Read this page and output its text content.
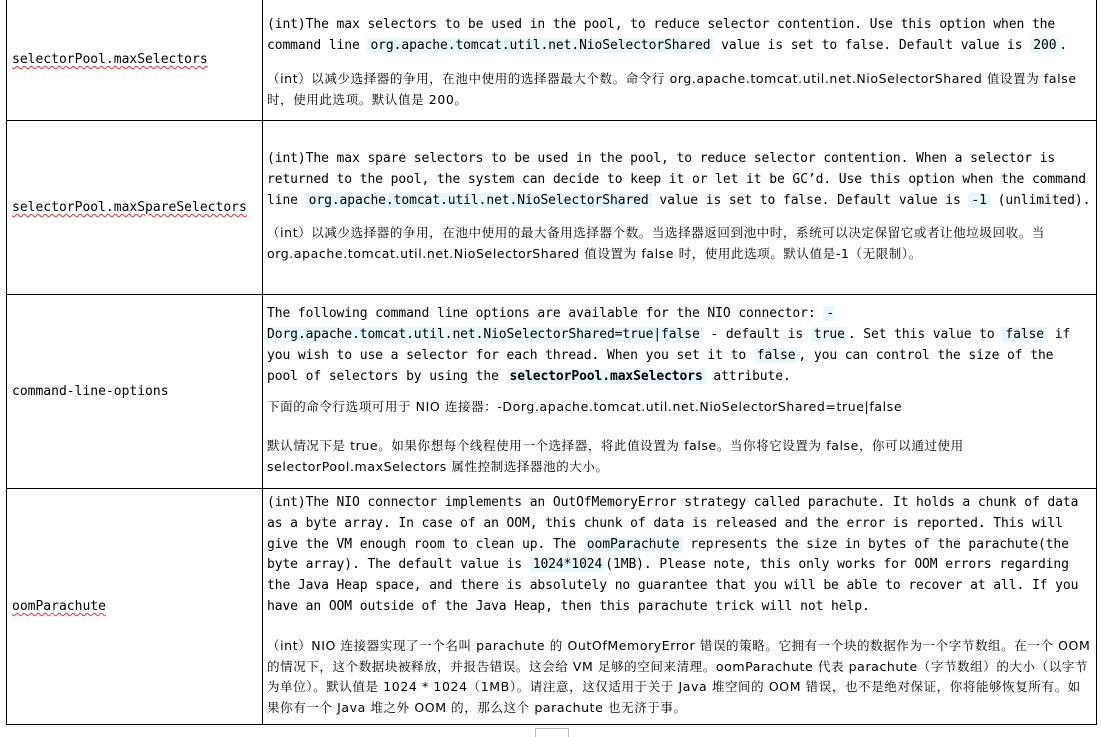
selectorPool.maxSelectors	(int)The max selectors to be used in the pool, to reduce selector contention. Use this option when the command line org.apache.tomcat.util.net.NioSelectorShared value is set to false. Default value is 200 .

（int）以减少选择器的争用，在池中使用的选择器最大个数。命令行 org.apache.tomcat.util.net.NioSelectorShared 值设置为 false 时，使用此选项。默认值是 200。

selectorPool.maxSpareSelectors	(int)The max spare selectors to be used in the pool, to reduce selector contention. When a selector is returned to the pool, the system can decide to keep it or let it be GC’d. Use this option when the command line org.apache.tomcat.util.net.NioSelectorShared value is set to false. Default value is -1 (unlimited).

（int）以减少选择器的争用，在池中使用的最大备用选择器个数。当选择器返回到池中时，系统可以决定保留它或者让他垃圾回收。当 org.apache.tomcat.util.net.NioSelectorShared 值设置为 false 时，使用此选项。默认值是-1（无限制）。

command-line-options	The following command line options are available for the NIO connector: -Dorg.apache.tomcat.util.net.NioSelectorShared=true|false - default is true . Set this value to false if you wish to use a selector for each thread. When you set it to false , you can control the size of the pool of selectors by using the selectorPool.maxSelectors attribute.

下面的命令行选项可用于 NIO 连接器：-Dorg.apache.tomcat.util.net.NioSelectorShared=true|false

默认情况下是 true。如果你想每个线程使用一个选择器，将此值设置为 false。当你将它设置为 false，你可以通过使用 selectorPool.maxSelectors 属性控制选择器池的大小。

oomParachute	(int)The NIO connector implements an OutOfMemoryError strategy called parachute. It holds a chunk of data as a byte array. In case of an OOM, this chunk of data is released and the error is reported. This will give the VM enough room to clean up. The oomParachute represents the size in bytes of the parachute(the byte array). The default value is 1024*1024 (1MB). Please note, this only works for OOM errors regarding the Java Heap space, and there is absolutely no guarantee that you will be able to recover at all. If you have an OOM outside of the Java Heap, then this parachute trick will not help.

（int）NIO 连接器实现了一个名叫 parachute 的 OutOfMemoryError 错误的策略。它拥有一个块的数据作为一个字节数组。在一个 OOM 的情况下，这个数据块被释放，并报告错误。这会给 VM 足够的空间来清理。oomParachute 代表 parachute（字节数组）的大小（以字节为单位）。默认值是 1024 * 1024（1MB）。请注意，这仅适用于关于 Java 堆空间的 OOM 错误，也不是绝对保证，你将能够恢复所有。如果你有一个 Java 堆之外 OOM 的，那么这个 parachute 也无济于事。
